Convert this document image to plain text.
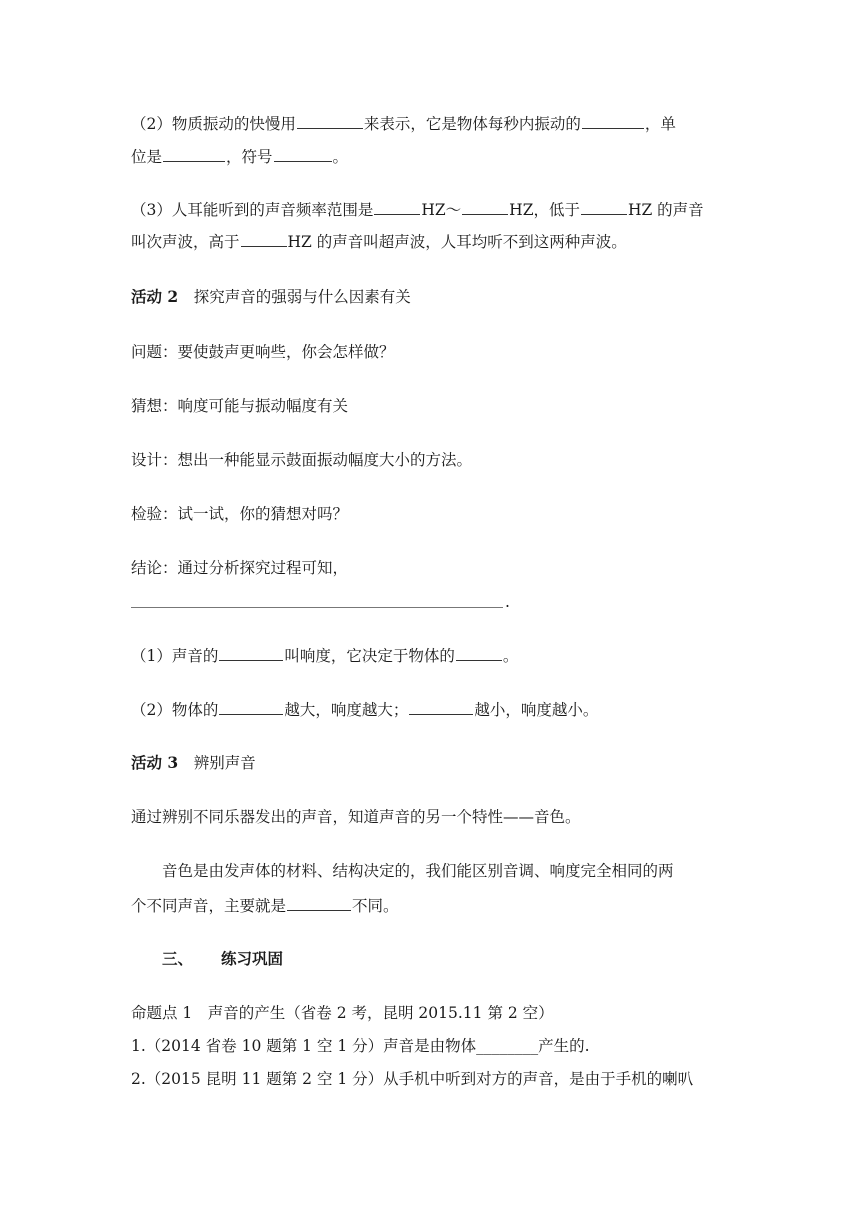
（2）物质振动的快慢用	来表示，它是物体每秒内振动的	，单
位是	，符号	。
（3）人耳能听到的声音频率范围是	HZ～	HZ，低于	HZ 的声音
叫次声波，高于	HZ 的声音叫超声波，人耳均听不到这两种声波。
活动 2　 探究声音的强弱与什么因素有关
问题：要使鼓声更响些，你会怎样做？
猜想：响度可能与振动幅度有关
设计：想出一种能显示鼓面振动幅度大小的方法。
检验：试一试，你的猜想对吗？
结论：通过分析探究过程可知，
.
（1）声音的	叫响度，它决定于物体的	。
（2）物体的	越大，响度越大；	越小，响度越小。
活动 3　 辨别声音
通过辨别不同乐器发出的声音，知道声音的另一个特性——音色。
音色是由发声体的材料、结构决定的，我们能区别音调、响度完全相同的两
个不同声音，主要就是	不同。
三、 练习巩固
命题点 1　声音的产生（省卷 2 考，昆明 2015.11 第 2 空）
1.（2014 省卷 10 题第 1 空 1 分）声音是由物体________产生的.
2.（2015 昆明 11 题第 2 空 1 分）从手机中听到对方的声音，是由于手机的喇叭
